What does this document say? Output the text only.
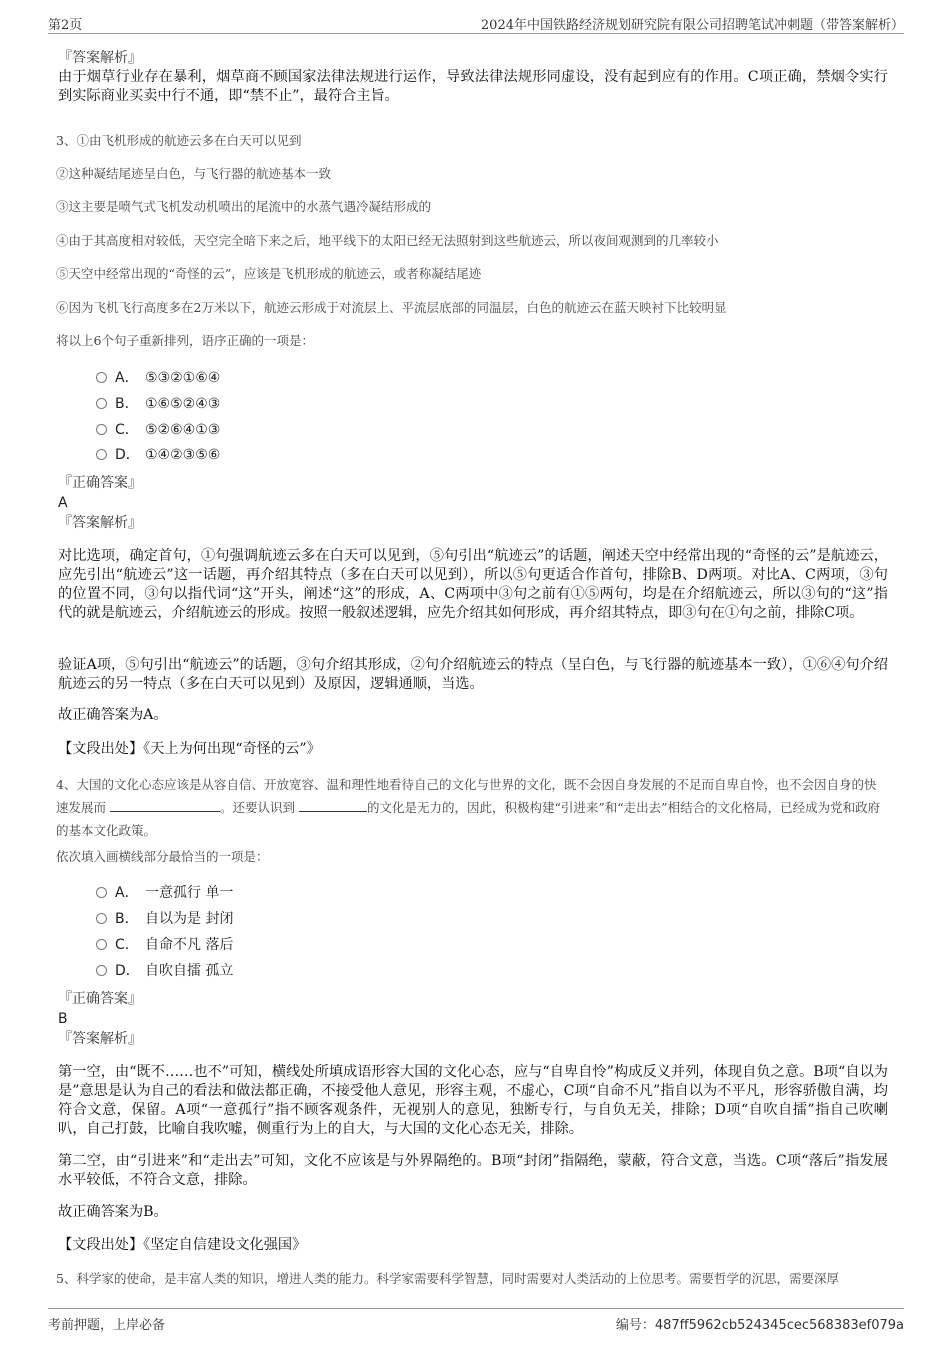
第2页	2024年中国铁路经济规划研究院有限公司招聘笔试冲刺题（带答案解析）
『答案解析』
由于烟草行业存在暴利，烟草商不顾国家法律法规进行运作，导致法律法规形同虚设，没有起到应有的作用。C项正确，禁烟令实行到实际商业买卖中行不通，即“禁不止”，最符合主旨。
3、①由飞机形成的航迹云多在白天可以见到
②这种凝结尾迹呈白色，与飞行器的航迹基本一致
③这主要是喷气式飞机发动机喷出的尾流中的水蒸气遇冷凝结形成的
④由于其高度相对较低，天空完全暗下来之后，地平线下的太阳已经无法照射到这些航迹云，所以夜间观测到的几率较小
⑤天空中经常出现的“奇怪的云”，应该是飞机形成的航迹云，或者称凝结尾迹
⑥因为飞机飞行高度多在2万米以下，航迹云形成于对流层上、平流层底部的同温层，白色的航迹云在蓝天映衬下比较明显
将以上6个句子重新排列，语序正确的一项是：
A． ⑤③②①⑥④
B． ①⑥⑤②④③
C． ⑤②⑥④①③
D． ①④②③⑤⑥
『正确答案』
A
『答案解析』
对比选项，确定首句，①句强调航迹云多在白天可以见到，⑤句引出“航迹云”的话题，阐述天空中经常出现的“奇怪的云”是航迹云，应先引出“航迹云”这一话题，再介绍其特点（多在白天可以见到），所以⑤句更适合作首句，排除B、D两项。对比A、C两项，③句的位置不同，③句以指代词“这”开头，阐述“这”的形成，A、C两项中③句之前有①⑤两句，均是在介绍航迹云，所以③句的“这”指代的就是航迹云，介绍航迹云的形成。按照一般叙述逻辑，应先介绍其如何形成，再介绍其特点，即③句在①句之前，排除C项。
验证A项，⑤句引出“航迹云”的话题，③句介绍其形成，②句介绍航迹云的特点（呈白色，与飞行器的航迹基本一致），①⑥④句介绍航迹云的另一特点（多在白天可以见到）及原因，逻辑通顺，当选。
故正确答案为A。
【文段出处】《天上为何出现“奇怪的云”》
4、大国的文化心态应该是从容自信、开放宽容、温和理性地看待自己的文化与世界的文化，既不会因自身发展的不足而自卑自怜，也不会因自身的快速发展而	。还要认识到	的文化是无力的，因此，积极构建“引进来”和“走出去”相结合的文化格局，已经成为党和政府的基本文化政策。
依次填入画横线部分最恰当的一项是：
A． 一意孤行 单一
B． 自以为是 封闭
C． 自命不凡 落后
D． 自吹自擂 孤立
『正确答案』
B
『答案解析』
第一空，由“既不……也不”可知，横线处所填成语形容大国的文化心态，应与“自卑自怜”构成反义并列，体现自负之意。B项“自以为是”意思是认为自己的看法和做法都正确，不接受他人意见，形容主观，不虚心，C项“自命不凡”指自以为不平凡，形容骄傲自满，均符合文意，保留。A项“一意孤行”指不顾客观条件，无视别人的意见，独断专行，与自负无关，排除；D项“自吹自擂”指自己吹喇叭，自己打鼓，比喻自我吹嘘，侧重行为上的自大，与大国的文化心态无关，排除。
第二空，由“引进来”和“走出去”可知，文化不应该是与外界隔绝的。B项“封闭”指隔绝，蒙蔽，符合文意，当选。C项“落后”指发展水平较低，不符合文意，排除。
故正确答案为B。
【文段出处】《坚定自信建设文化强国》
5、科学家的使命，是丰富人类的知识，增进人类的能力。科学家需要科学智慧，同时需要对人类活动的上位思考。需要哲学的沉思，需要深厚
考前押题，上岸必备	编号：487ff5962cb524345cec568383ef079a
